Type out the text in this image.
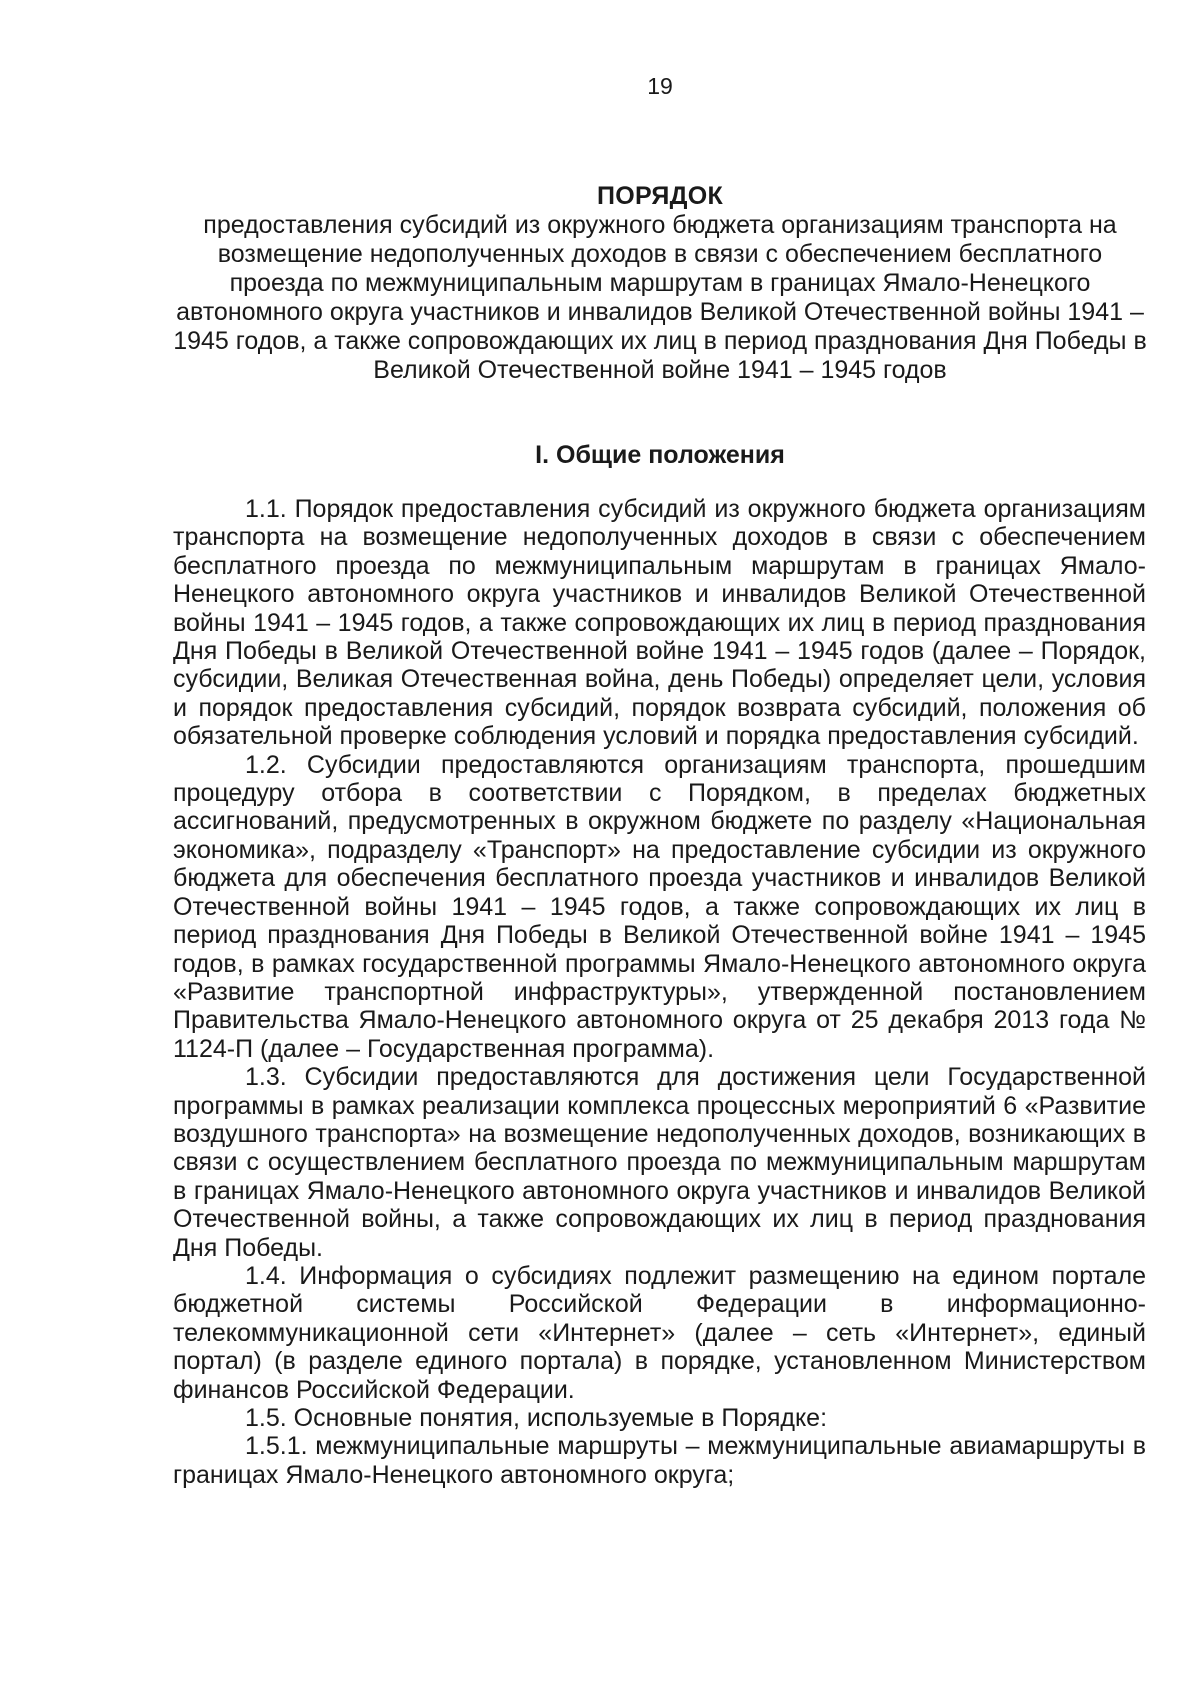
19
ПОРЯДОК
предоставления субсидий из окружного бюджета организациям транспорта на возмещение недополученных доходов в связи с обеспечением бесплатного проезда по межмуниципальным маршрутам в границах Ямало-Ненецкого автономного округа участников и инвалидов Великой Отечественной войны 1941 – 1945 годов, а также сопровождающих их лиц в период празднования Дня Победы в Великой Отечественной войне 1941 – 1945 годов
I. Общие положения

1.1. Порядок предоставления субсидий из окружного бюджета организациям транспорта на возмещение недополученных доходов в связи с обеспечением бесплатного проезда по межмуниципальным маршрутам в границах Ямало-Ненецкого автономного округа участников и инвалидов Великой Отечественной войны 1941 – 1945 годов, а также сопровождающих их лиц в период празднования Дня Победы в Великой Отечественной войне 1941 – 1945 годов (далее – Порядок, субсидии, Великая Отечественная война, день Победы) определяет цели, условия и порядок предоставления субсидий, порядок возврата субсидий, положения об обязательной проверке соблюдения условий и порядка предоставления субсидий.

1.2. Субсидии предоставляются организациям транспорта, прошедшим процедуру отбора в соответствии с Порядком, в пределах бюджетных ассигнований, предусмотренных в окружном бюджете по разделу «Национальная экономика», подразделу «Транспорт» на предоставление субсидии из окружного бюджета для обеспечения бесплатного проезда участников и инвалидов Великой Отечественной войны 1941 – 1945 годов, а также сопровождающих их лиц в период празднования Дня Победы в Великой Отечественной войне 1941 – 1945 годов, в рамках государственной программы Ямало-Ненецкого автономного округа «Развитие транспортной инфраструктуры», утвержденной постановлением Правительства Ямало-Ненецкого автономного округа от 25 декабря 2013 года № 1124-П (далее – Государственная программа).

1.3. Субсидии предоставляются для достижения цели Государственной программы в рамках реализации комплекса процессных мероприятий 6 «Развитие воздушного транспорта» на возмещение недополученных доходов, возникающих в связи с осуществлением бесплатного проезда по межмуниципальным маршрутам в границах Ямало-Ненецкого автономного округа участников и инвалидов Великой Отечественной войны, а также сопровождающих их лиц в период празднования Дня Победы.

1.4. Информация о субсидиях подлежит размещению на едином портале бюджетной системы Российской Федерации в информационно-телекоммуникационной сети «Интернет» (далее – сеть «Интернет», единый портал) (в разделе единого портала) в порядке, установленном Министерством финансов Российской Федерации.

1.5. Основные понятия, используемые в Порядке:

1.5.1. межмуниципальные маршруты – межмуниципальные авиамаршруты в границах Ямало-Ненецкого автономного округа;
